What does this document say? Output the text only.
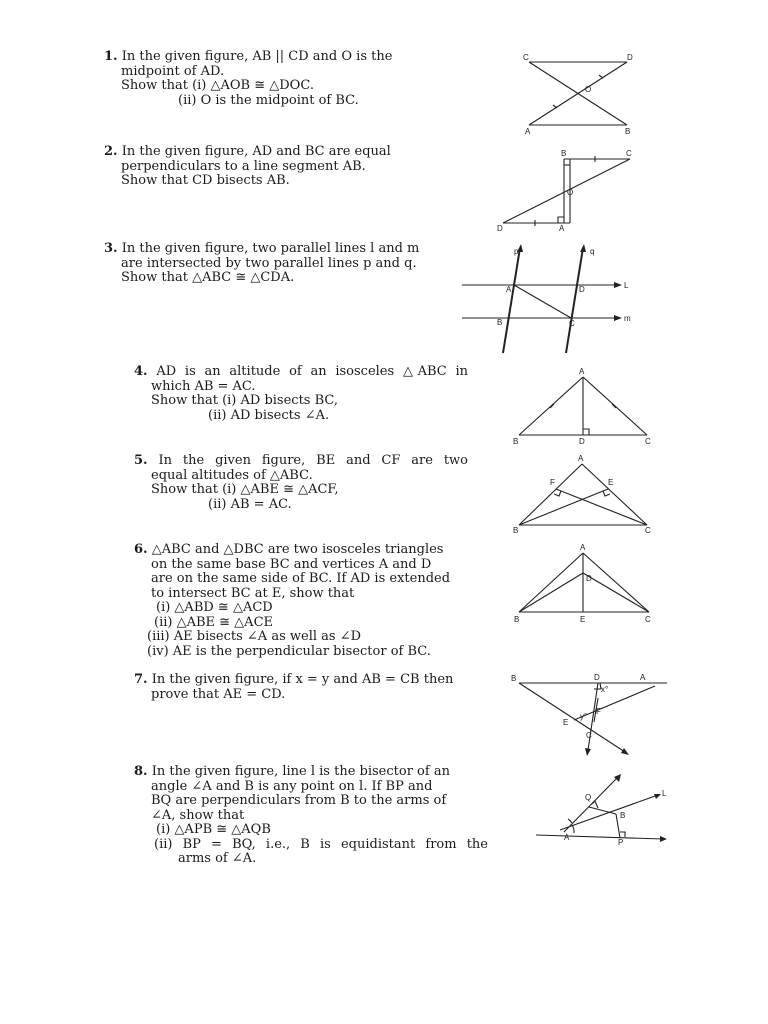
1. In the given figure, AB || CD and O is the
midpoint of AD.
Show that (i) △AOB ≅ △DOC.
(ii) O is the midpoint of BC.
C	D
O
A	B
2. In the given figure, AD and BC are equal
perpendiculars to a line segment AB.
Show that CD bisects AB.
B	C
O
D	A
3. In the given figure, two parallel lines l and m
are intersected by two parallel lines p and q.
Show that △ABC ≅ △CDA.
p	q
A	D	L
B	C
m
4. AD is an altitude of an isosceles △ABC in
which AB = AC.
Show that (i) AD bisects BC,
(ii) AD bisects ∠A.
A
B	D	C
5. In the given figure, BE and CF are two
equal altitudes of △ABC.
Show that (i) △ABE ≅ △ACF,
(ii) AB = AC.
A
F	E
B	C
6. △ABC and △DBC are two isosceles triangles
on the same base BC and vertices A and D
are on the same side of BC. If AD is extended
to intersect BC at E, show that
(i) △ABD ≅ △ACD
(ii) △ABE ≅ △ACE
(iii) AE bisects ∠A as well as ∠D
(iv) AE is the perpendicular bisector of BC.
A
D
B	E	C
7. In the given figure, if x = y and AB = CB then
prove that AE = CD.
B	D	A
x°
F
E
y°
C
8. In the given figure, line l is the bisector of an
angle ∠A and B is any point on l. If BP and
BQ are perpendiculars from B to the arms of
∠A, show that
(i) △APB ≅ △AQB
(ii) BP = BQ, i.e., B is equidistant from the
arms of ∠A.
Q	L
B
A
P
